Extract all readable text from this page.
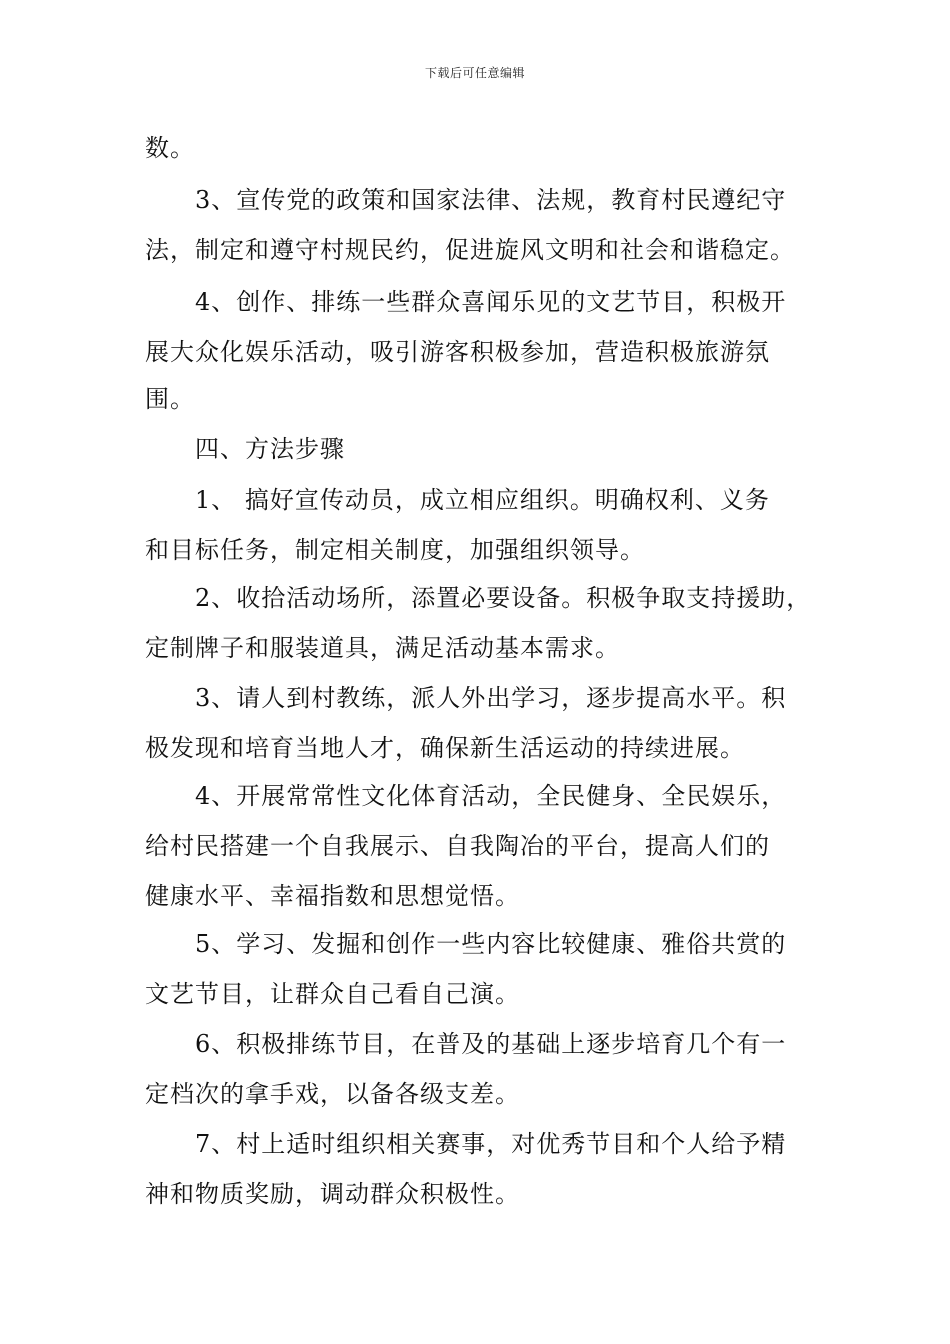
下载后可任意编辑
数。
3、宣传党的政策和国家法律、法规，教育村民遵纪守
法，制定和遵守村规民约，促进旋风文明和社会和谐稳定。
4、创作、排练一些群众喜闻乐见的文艺节目，积极开
展大众化娱乐活动，吸引游客积极参加，营造积极旅游氛
围。
四、方法步骤
1、 搞好宣传动员，成立相应组织。明确权利、义务
和目标任务，制定相关制度，加强组织领导。
2、收拾活动场所，添置必要设备。积极争取支持援助，
定制牌子和服装道具，满足活动基本需求。
3、请人到村教练，派人外出学习，逐步提高水平。积
极发现和培育当地人才，确保新生活运动的持续进展。
4、开展常常性文化体育活动，全民健身、全民娱乐，
给村民搭建一个自我展示、自我陶冶的平台，提高人们的
健康水平、幸福指数和思想觉悟。
5、学习、发掘和创作一些内容比较健康、雅俗共赏的
文艺节目，让群众自己看自己演。
6、积极排练节目，在普及的基础上逐步培育几个有一
定档次的拿手戏，以备各级支差。
7、村上适时组织相关赛事，对优秀节目和个人给予精
神和物质奖励，调动群众积极性。
